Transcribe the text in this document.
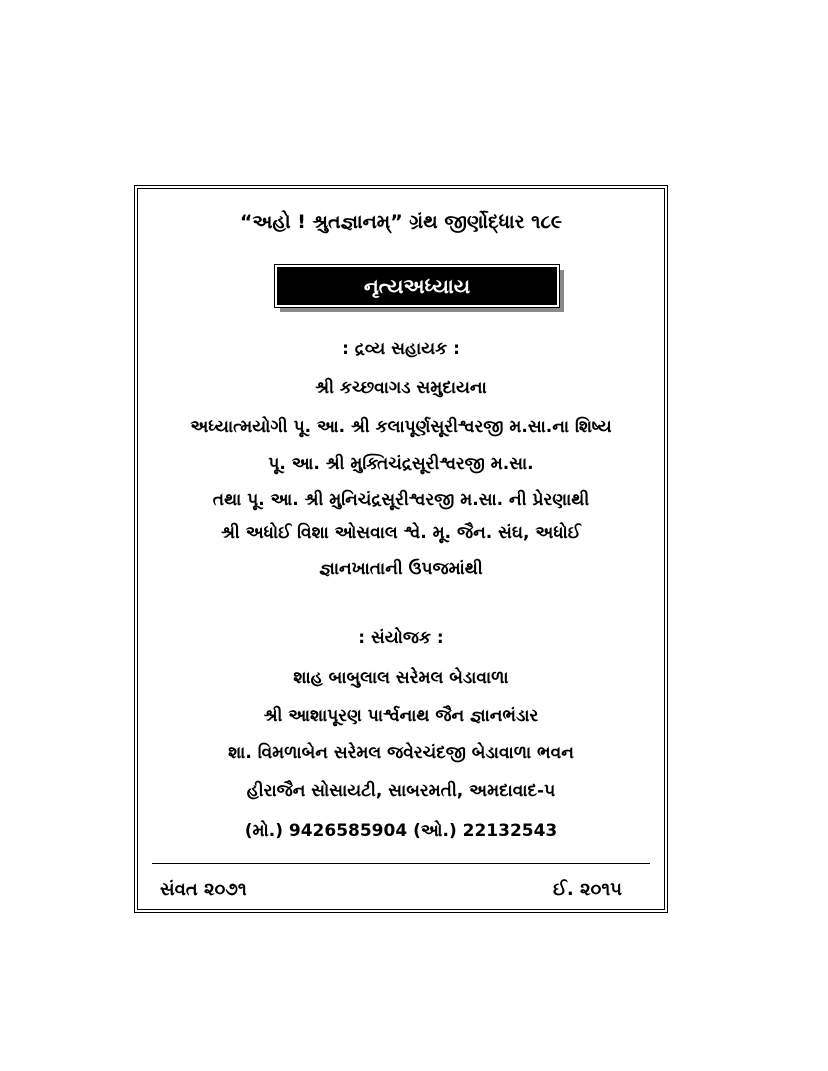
“અહો ! શ્રુતજ્ઞાનમ્” ગ્રંથ જીર્ણોદ્ધાર ૧૮૯
નૃત્યઅધ્યાય
: દ્રવ્ય સહાયક :
શ્રી કચ્છવાગડ સમુદાયના
અધ્યાત્મયોગી પૂ. આ. શ્રી કલાપૂર્ણસૂરીશ્વરજી મ.સા.ના શિષ્ય
પૂ. આ. શ્રી મુક્તિચંદ્રસૂરીશ્વરજી મ.સા.
તથા પૂ. આ. શ્રી મુનિચંદ્રસૂરીશ્વરજી મ.સા. ની પ્રેરણાથી
શ્રી અધોઈ વિશા ઓસવાલ શ્વે. મૂ. જૈન. સંઘ, અધોઈ
જ્ઞાનખાતાની ઉપજમાંથી
: સંયોજક :
શાહ બાબુલાલ સરેમલ બેડાવાળા
શ્રી આશાપૂરણ પાર્શ્વનાથ જૈન જ્ઞાનભંડાર
શા. વિમળાબેન સરેમલ જવેરચંદજી બેડાવાળા ભવન
હીરાજૈન સોસાયટી, સાબરમતી, અમદાવાદ-૫
(મો.) 9426585904 (ઓ.) 22132543
સંવત ૨૦૭૧	ઈ. ૨૦૧૫
